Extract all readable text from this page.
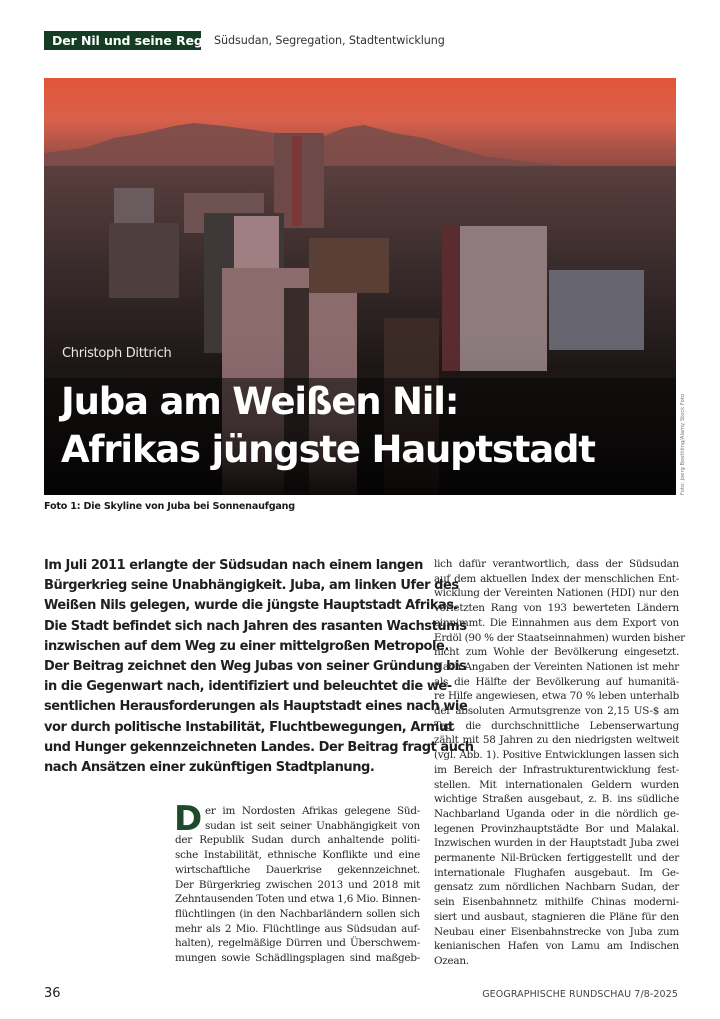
Der Nil und seine Region
Südsudan, Segregation, Stadtentwicklung
Christoph Dittrich
Juba am Weißen Nil:
Afrikas jüngste Hauptstadt	Foto: Joerg Boethling/Alamy Stock Foto
Foto 1: Die Skyline von Juba bei Sonnenaufgang
Im Juli 2011 erlangte der Südsudan nach einem langen
Bürgerkrieg seine Unabhängigkeit. Juba, am linken Ufer des
Weißen Nils gelegen, wurde die jüngste Hauptstadt Afrikas.
Die Stadt befindet sich nach Jahren des rasanten Wachstums
inzwischen auf dem Weg zu einer mittelgroßen Metropole.
Der Beitrag zeichnet den Weg Jubas von seiner Gründung bis
in die Gegenwart nach, identifiziert und beleuchtet die we-
sentlichen Herausforderungen als Hauptstadt eines nach wie
vor durch politische Instabilität, Fluchtbewegungen, Armut
und Hunger gekennzeichneten Landes. Der Beitrag fragt auch
nach Ansätzen einer zukünftigen Stadtplanung.
D er im Nordosten Afrikas gelegene Süd-
sudan ist seit seiner Unabhängigkeit von
der Republik Sudan durch anhaltende politi-
sche Instabilität, ethnische Konflikte und eine
wirtschaftliche Dauerkrise gekennzeichnet.
Der Bürgerkrieg zwischen 2013 und 2018 mit
Zehntausenden Toten und etwa 1,6 Mio. Binnen-
flüchtlingen (in den Nachbarländern sollen sich
mehr als 2 Mio. Flüchtlinge aus Südsudan auf-
halten), regelmäßige Dürren und Überschwem-
mungen sowie Schädlingsplagen sind maßgeb-
lich dafür verantwortlich, dass der Südsudan
auf dem aktuellen Index der menschlichen Ent-
wicklung der Vereinten Nationen (HDI) nur den
vorletzten Rang von 193 bewerteten Ländern
einnimmt. Die Einnahmen aus dem Export von
Erdöl (90 % der Staatseinnahmen) wurden bisher
nicht zum Wohle der Bevölkerung eingesetzt.
Nach Angaben der Vereinten Nationen ist mehr
als die Hälfte der Bevölkerung auf humanitä-
re Hilfe angewiesen, etwa 70 % leben unterhalb
der absoluten Armutsgrenze von 2,15 US-$ am
Tag, die durchschnittliche Lebenserwartung
zählt mit 58 Jahren zu den niedrigsten weltweit
(vgl. Abb. 1). Positive Entwicklungen lassen sich
im Bereich der Infrastrukturentwicklung fest-
stellen. Mit internationalen Geldern wurden
wichtige Straßen ausgebaut, z. B. ins südliche
Nachbarland Uganda oder in die nördlich ge-
legenen Provinzhauptstädte Bor und Malakal.
Inzwischen wurden in der Hauptstadt Juba zwei
permanente Nil-Brücken fertiggestellt und der
internationale Flughafen ausgebaut. Im Ge-
gensatz zum nördlichen Nachbarn Sudan, der
sein Eisenbahnnetz mithilfe Chinas moderni-
siert und ausbaut, stagnieren die Pläne für den
Neubau einer Eisenbahnstrecke von Juba zum
kenianischen Hafen von Lamu am Indischen
Ozean.
36	GEOGRAPHISCHE RUNDSCHAU 7/8-2025
